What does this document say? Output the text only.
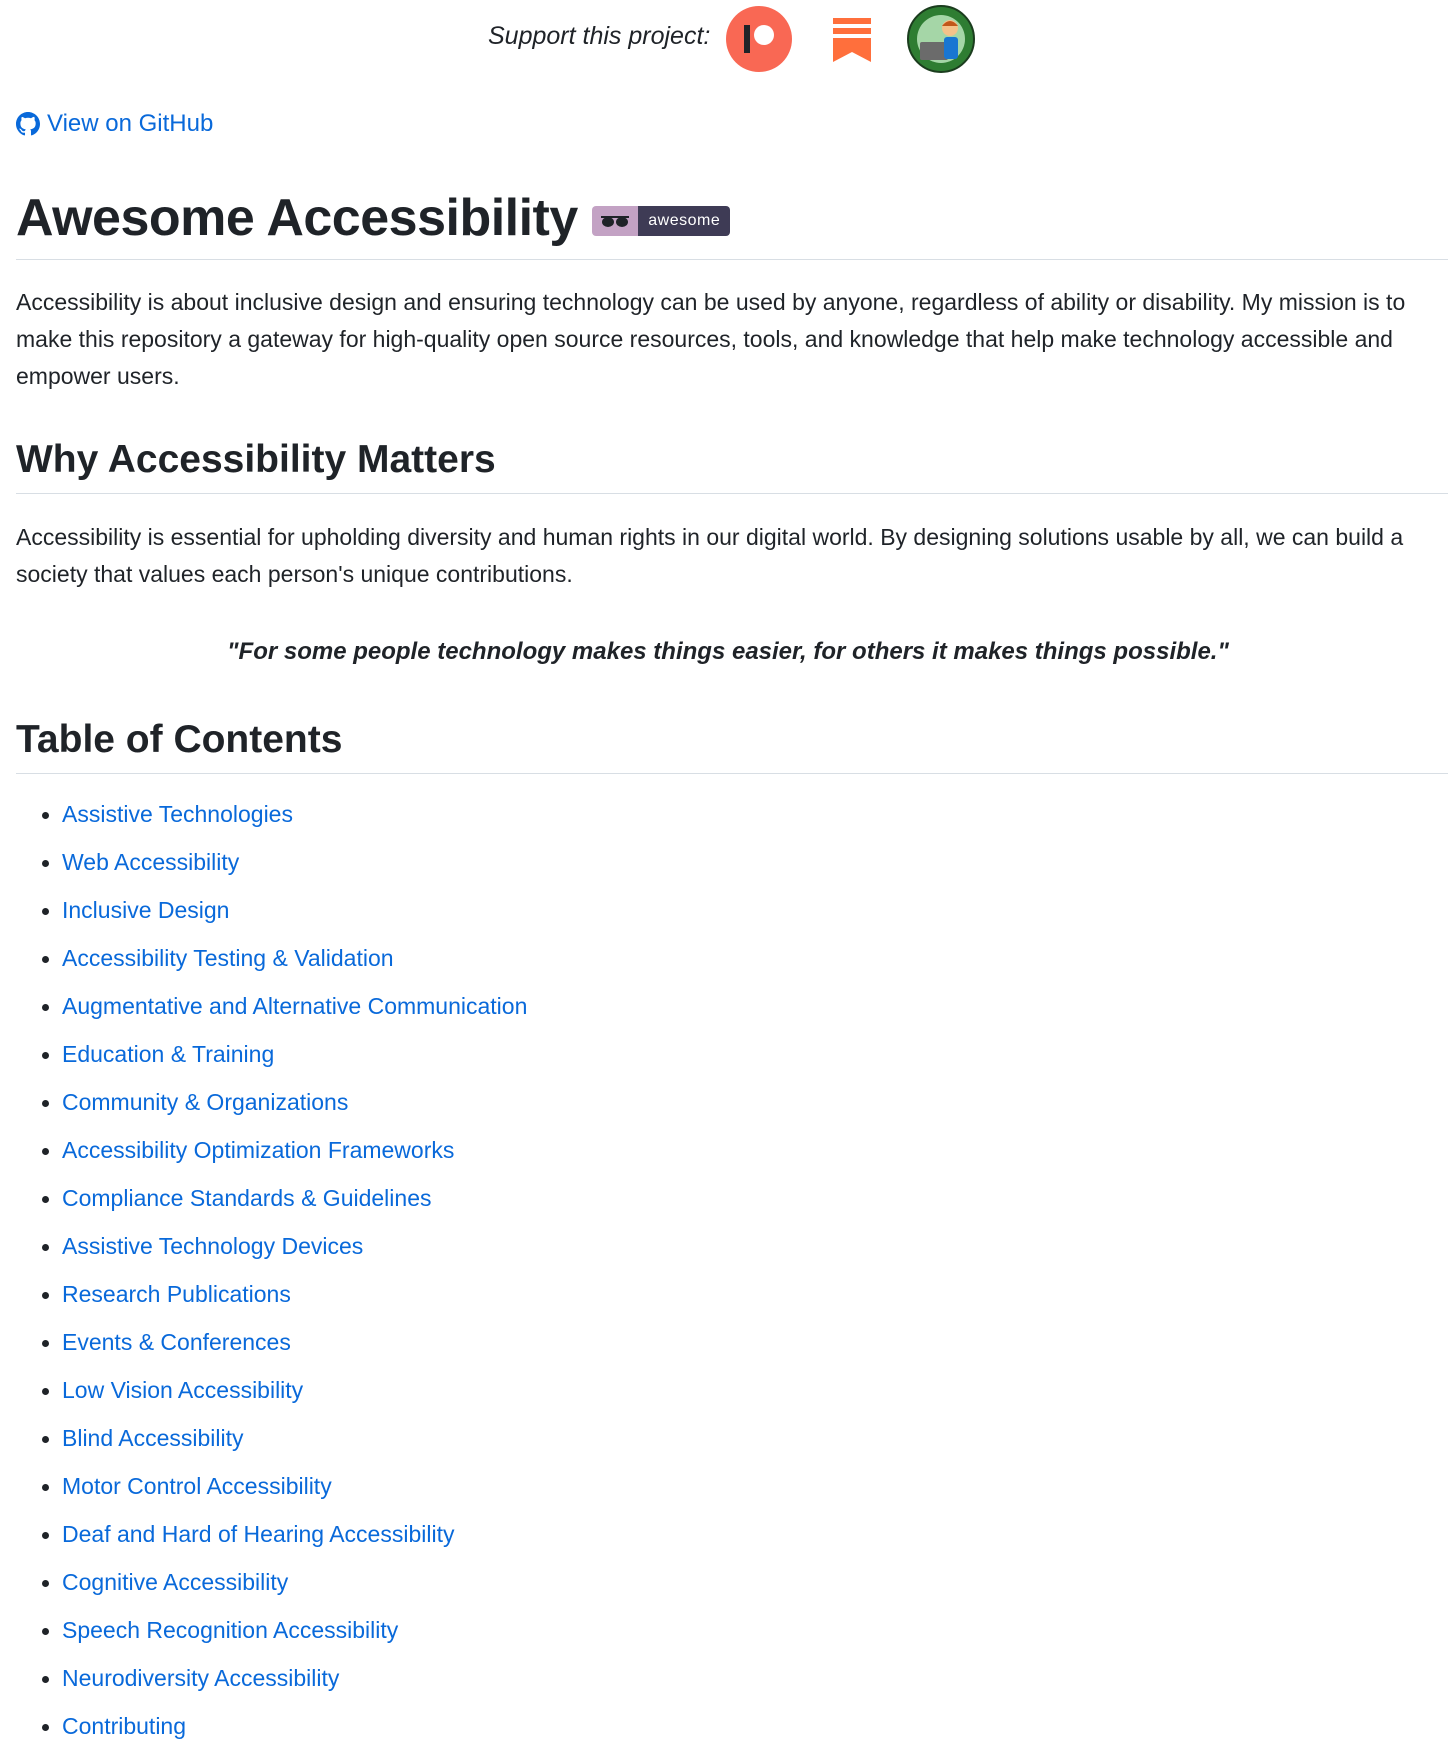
Support this project:
View on GitHub
Awesome Accessibility	awesome
Accessibility is about inclusive design and ensuring technology can be used by anyone, regardless of ability or disability. My mission is to make this repository a gateway for high-quality open source resources, tools, and knowledge that help make technology accessible and empower users.
Why Accessibility Matters
Accessibility is essential for upholding diversity and human rights in our digital world. By designing solutions usable by all, we can build a society that values each person's unique contributions.
"For some people technology makes things easier, for others it makes things possible."
Table of Contents
Assistive Technologies
Web Accessibility
Inclusive Design
Accessibility Testing & Validation
Augmentative and Alternative Communication
Education & Training
Community & Organizations
Accessibility Optimization Frameworks
Compliance Standards & Guidelines
Assistive Technology Devices
Research Publications
Events & Conferences
Low Vision Accessibility
Blind Accessibility
Motor Control Accessibility
Deaf and Hard of Hearing Accessibility
Cognitive Accessibility
Speech Recognition Accessibility
Neurodiversity Accessibility
Contributing
